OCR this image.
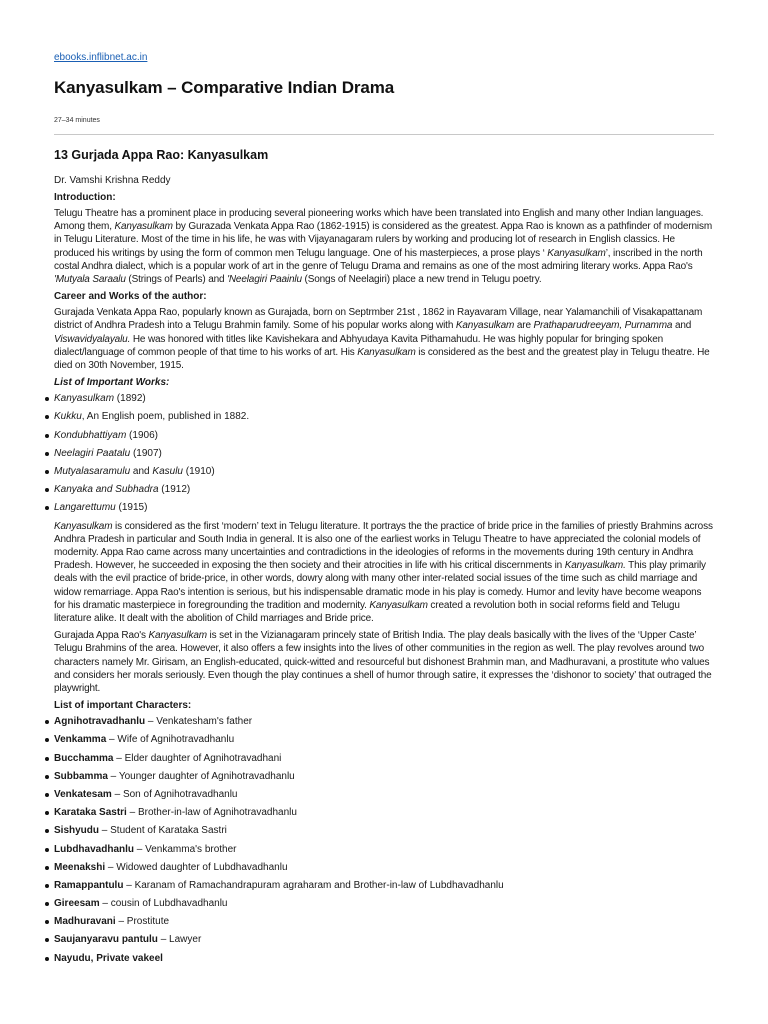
ebooks.inflibnet.ac.in
Kanyasulkam – Comparative Indian Drama
27–34 minutes
13 Gurjada Appa Rao: Kanyasulkam

Dr. Vamshi Krishna Reddy

Introduction:

Telugu Theatre has a prominent place in producing several pioneering works which have been translated into English and many other Indian languages. Among them, Kanyasulkam by Gurazada Venkata Appa Rao (1862-1915) is considered as the greatest. Appa Rao is known as a pathfinder of modernism in Telugu Literature. Most of the time in his life, he was with Vijayanagaram rulers by working and producing lot of research in English classics. He produced his writings by using the form of common men Telugu language. One of his masterpieces, a prose plays ‘ Kanyasulkam’, inscribed in the north costal Andhra dialect, which is a popular work of art in the genre of Telugu Drama and remains as one of the most admiring literary works. Appa Rao's 'Mutyala Saraalu (Strings of Pearls) and 'Neelagiri Paainlu (Songs of Neelagiri) place a new trend in Telugu poetry.

Career and Works of the author:

Gurajada Venkata Appa Rao, popularly known as Gurajada, born on Septrmber 21st , 1862 in Rayavaram Village, near Yalamanchili of Visakapattanam district of Andhra Pradesh into a Telugu Brahmin family. Some of his popular works along with Kanyasulkam are Prathaparudreeyam, Purnamma and Viswavidyalayalu. He was honored with titles like Kavishekara and Abhyudaya Kavita Pithamahudu. He was highly popular for bringing spoken dialect/language of common people of that time to his works of art. His Kanyasulkam is considered as the best and the greatest play in Telugu theatre. He died on 30th November, 1915.

List of Important Works:

Kanyasulkam (1892)
Kukku, An English poem, published in 1882.
Kondubhattiyam (1906)
Neelagiri Paatalu (1907)
Mutyalasaramulu and Kasulu (1910)
Kanyaka and Subhadra (1912)
Langarettumu (1915)

Kanyasulkam is considered as the first ‘modern’ text in Telugu literature. It portrays the the practice of bride price in the families of priestly Brahmins across Andhra Pradesh in particular and South India in general. It is also one of the earliest works in Telugu Theatre to have appreciated the colonial models of modernity. Appa Rao came across many uncertainties and contradictions in the ideologies of reforms in the movements during 19th century in Andhra Pradesh. However, he succeeded in exposing the then society and their atrocities in life with his critical discernments in Kanyasulkam. This play primarily deals with the evil practice of bride-price, in other words, dowry along with many other inter-related social issues of the time such as child marriage and widow remarriage. Appa Rao's intention is serious, but his indispensable dramatic mode in his play is comedy. Humor and levity have become weapons for his dramatic masterpiece in foregrounding the tradition and modernity. Kanyasulkam created a revolution both in social reforms field and Telugu literature alike. It dealt with the abolition of Child marriages and Bride price.

Gurajada Appa Rao's Kanyasulkam is set in the Vizianagaram princely state of British India. The play deals basically with the lives of the ‘Upper Caste’ Telugu Brahmins of the area. However, it also offers a few insights into the lives of other communities in the region as well. The play revolves around two characters namely Mr. Girisam, an English-educated, quick-witted and resourceful but dishonest Brahmin man, and Madhuravani, a prostitute who values and considers her morals seriously. Even though the play continues a shell of humor through satire, it expresses the ‘dishonor to society’ that outraged the playwright.

List of important Characters:

Agnihotravadhanlu – Venkatesham's father
Venkamma – Wife of Agnihotravadhanlu
Bucchamma – Elder daughter of Agnihotravadhani
Subbamma – Younger daughter of Agnihotravadhanlu
Venkatesam – Son of Agnihotravadhanlu
Karataka Sastri – Brother-in-law of Agnihotravadhanlu
Sishyudu – Student of Karataka Sastri
Lubdhavadhanlu – Venkamma's brother
Meenakshi – Widowed daughter of Lubdhavadhanlu
Ramappantulu – Karanam of Ramachandrapuram agraharam and Brother-in-law of Lubdhavadhanlu
Gireesam – cousin of Lubdhavadhanlu
Madhuravani – Prostitute
Saujanyaravu pantulu – Lawyer
Nayudu, Private vakeel
